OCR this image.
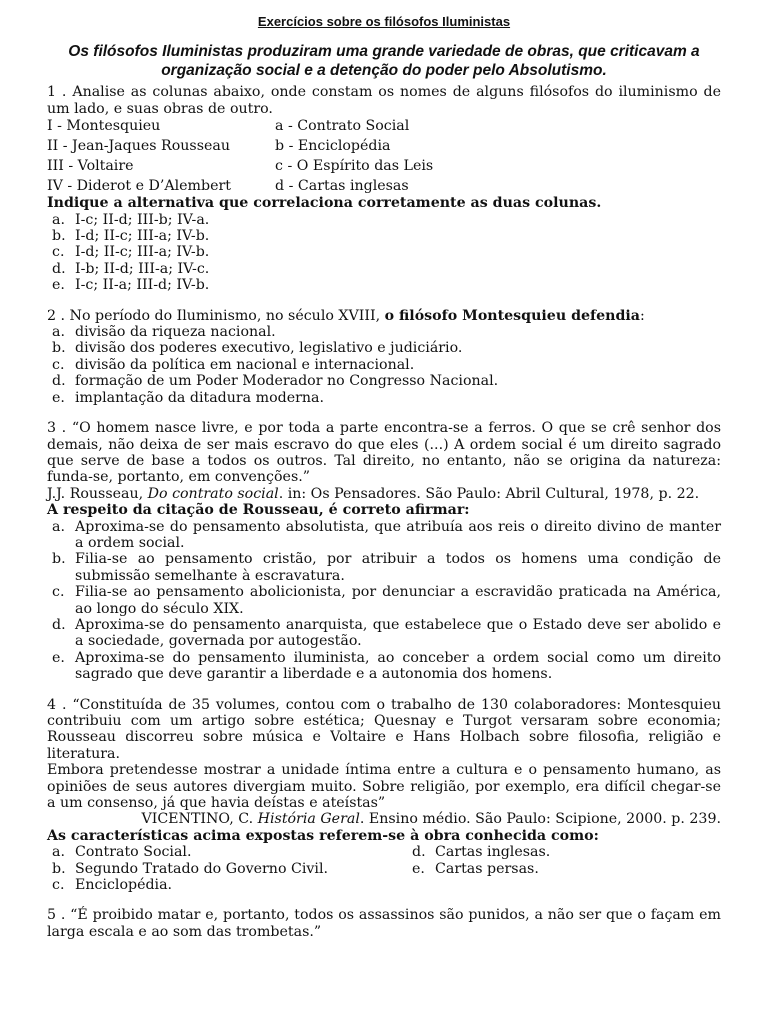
Exercícios sobre os filósofos Iluministas
Os filósofos Iluministas produziram uma grande variedade de obras, que criticavam a organização social e a detenção do poder pelo Absolutismo.

1 . Analise as colunas abaixo, onde constam os nomes de alguns filósofos do iluminismo de um lado, e suas obras de outro.

I - Montesquieu	a - Contrato Social
II - Jean-Jaques Rousseau	b - Enciclopédia
III - Voltaire	c - O Espírito das Leis
IV - Diderot e D’Alembert	d - Cartas inglesas

Indique a alternativa que correlaciona corretamente as duas colunas.

a. I-c; II-d; III-b; IV-a.
b. I-d; II-c; III-a; IV-b.
c. I-d; II-c; III-a; IV-b.
d. I-b; II-d; III-a; IV-c.
e. I-c; II-a; III-d; IV-b.

2 . No período do Iluminismo, no século XVIII, o filósofo Montesquieu defendia:

a. divisão da riqueza nacional.
b. divisão dos poderes executivo, legislativo e judiciário.
c. divisão da política em nacional e internacional.
d. formação de um Poder Moderador no Congresso Nacional.
e. implantação da ditadura moderna.

3 . “O homem nasce livre, e por toda a parte encontra-se a ferros. O que se crê senhor dos demais, não deixa de ser mais escravo do que eles (...) A ordem social é um direito sagrado que serve de base a todos os outros. Tal direito, no entanto, não se origina da natureza: funda-se, portanto, em convenções.”

J.J. Rousseau, Do contrato social. in: Os Pensadores. São Paulo: Abril Cultural, 1978, p. 22.

A respeito da citação de Rousseau, é correto afirmar:

a. Aproxima-se do pensamento absolutista, que atribuía aos reis o direito divino de manter a ordem social.
b. Filia-se ao pensamento cristão, por atribuir a todos os homens uma condição de submissão semelhante à escravatura.
c. Filia-se ao pensamento abolicionista, por denunciar a escravidão praticada na América, ao longo do século XIX.
d. Aproxima-se do pensamento anarquista, que estabelece que o Estado deve ser abolido e a sociedade, governada por autogestão.
e. Aproxima-se do pensamento iluminista, ao conceber a ordem social como um direito sagrado que deve garantir a liberdade e a autonomia dos homens.

4 . “Constituída de 35 volumes, contou com o trabalho de 130 colaboradores: Montesquieu contribuiu com um artigo sobre estética; Quesnay e Turgot versaram sobre economia; Rousseau discorreu sobre música e Voltaire e Hans Holbach sobre filosofia, religião e literatura.

Embora pretendesse mostrar a unidade íntima entre a cultura e o pensamento humano, as opiniões de seus autores divergiam muito. Sobre religião, por exemplo, era difícil chegar-se a um consenso, já que havia deístas e ateístas”

VICENTINO, C. História Geral. Ensino médio. São Paulo: Scipione, 2000. p. 239.

As características acima expostas referem-se à obra conhecida como:

a. Contrato Social.	d. Cartas inglesas.
b. Segundo Tratado do Governo Civil.	e. Cartas persas.
c. Enciclopédia.

5 . “É proibido matar e, portanto, todos os assassinos são punidos, a não ser que o façam em larga escala e ao som das trombetas.”
